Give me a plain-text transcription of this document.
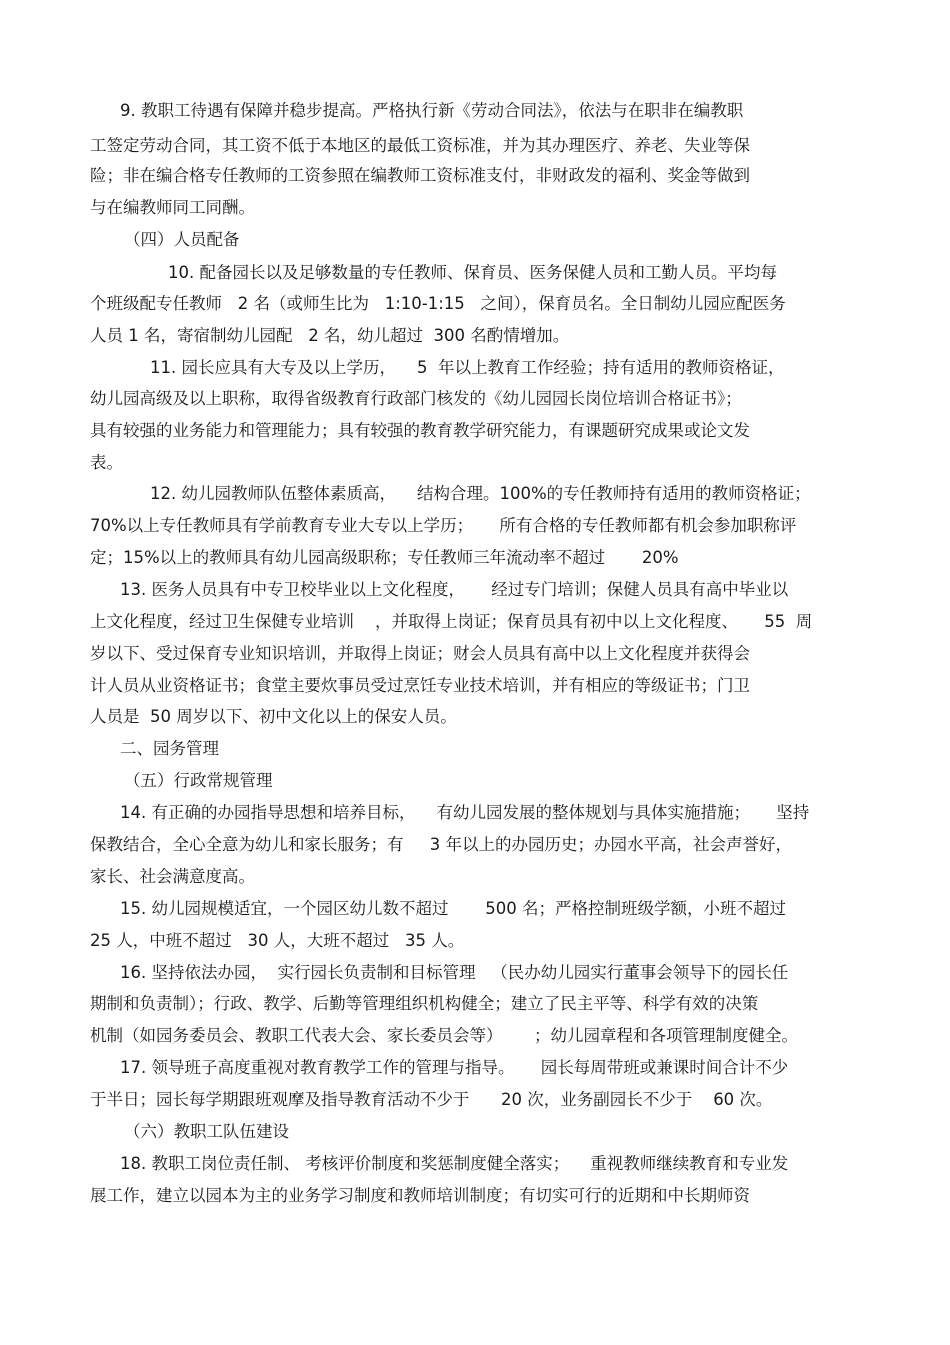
9. 教职工待遇有保障并稳步提高。严格执行新《劳动合同法》，依法与在职非在编教职
工签定劳动合同，其工资不低于本地区的最低工资标准，并为其办理医疗、养老、失业等保
险；非在编合格专任教师的工资参照在编教师工资标准支付，非财政发的福利、奖金等做到
与在编教师同工同酬。
（四）人员配备
10. 配备园长以及足够数量的专任教师、保育员、医务保健人员和工勤人员。平均每
个班级配专任教师   2 名（或师生比为   1:10-1:15   之间），保育员名。全日制幼儿园应配医务
人员 1 名，寄宿制幼儿园配   2 名，幼儿超过  300 名酌情增加。
11. 园长应具有大专及以上学历，    5  年以上教育工作经验；持有适用的教师资格证，
幼儿园高级及以上职称，取得省级教育行政部门核发的《幼儿园园长岗位培训合格证书》；
具有较强的业务能力和管理能力；具有较强的教育教学研究能力，有课题研究成果或论文发
表。
12. 幼儿园教师队伍整体素质高，    结构合理。100%的专任教师持有适用的教师资格证；
70%以上专任教师具有学前教育专业大专以上学历；     所有合格的专任教师都有机会参加职称评
定；15%以上的教师具有幼儿园高级职称；专任教师三年流动率不超过       20%
13. 医务人员具有中专卫校毕业以上文化程度，     经过专门培训；保健人员具有高中毕业以
上文化程度，经过卫生保健专业培训    ，并取得上岗证；保育员具有初中以上文化程度、     55  周
岁以下、受过保育专业知识培训，并取得上岗证；财会人员具有高中以上文化程度并获得会
计人员从业资格证书；食堂主要炊事员受过烹饪专业技术培训，并有相应的等级证书；门卫
人员是  50 周岁以下、初中文化以上的保安人员。
二、园务管理
（五）行政常规管理
14. 有正确的办园指导思想和培养目标，    有幼儿园发展的整体规划与具体实施措施；     坚持
保教结合，全心全意为幼儿和家长服务；有     3 年以上的办园历史；办园水平高，社会声誉好，
家长、社会满意度高。
15. 幼儿园规模适宜，一个园区幼儿数不超过       500 名；严格控制班级学额，小班不超过
25 人，中班不超过   30 人，大班不超过   35 人。
16. 坚持依法办园，  实行园长负责制和目标管理   （民办幼儿园实行董事会领导下的园长任
期制和负责制）；行政、教学、后勤等管理组织机构健全；建立了民主平等、科学有效的决策
机制（如园务委员会、教职工代表大会、家长委员会等）      ；幼儿园章程和各项管理制度健全。
17. 领导班子高度重视对教育教学工作的管理与指导。     园长每周带班或兼课时间合计不少
于半日；园长每学期跟班观摩及指导教育活动不少于      20 次，业务副园长不少于    60 次。
（六）教职工队伍建设
18. 教职工岗位责任制、 考核评价制度和奖惩制度健全落实；    重视教师继续教育和专业发
展工作，建立以园本为主的业务学习制度和教师培训制度；有切实可行的近期和中长期师资
